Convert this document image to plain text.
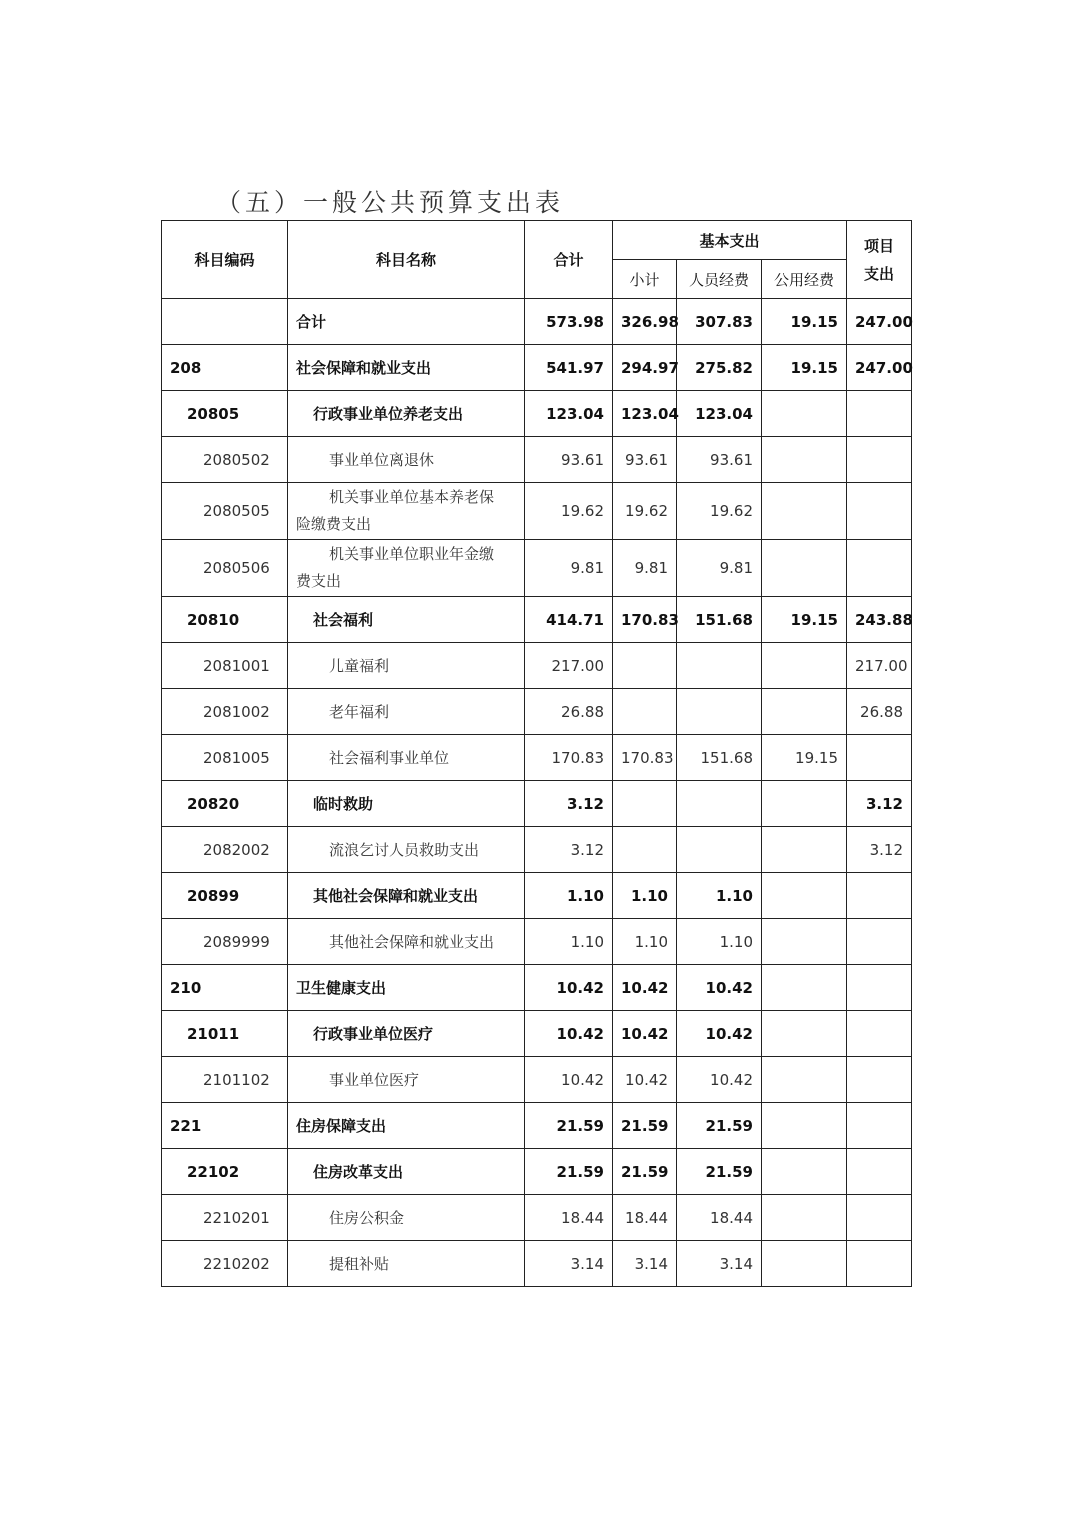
（五）一般公共预算支出表
科目编码	科目名称	合计	基本支出			项目
支出

			小计	人员经费	公用经费	
	合计	573.98	326.98	307.83	19.15	247.00
208	社会保障和就业支出	541.97	294.97	275.82	19.15	247.00
20805	行政事业单位养老支出	123.04	123.04	123.04		
2080502	事业单位离退休	93.61	93.61	93.61		
2080505	机关事业单位基本养老保
险缴费支出	19.62	19.62	19.62		
2080506	机关事业单位职业年金缴
费支出	9.81	9.81	9.81		
20810	社会福利	414.71	170.83	151.68	19.15	243.88
2081001	儿童福利	217.00				217.00
2081002	老年福利	26.88				26.88
2081005	社会福利事业单位	170.83	170.83	151.68	19.15	
20820	临时救助	3.12				3.12
2082002	流浪乞讨人员救助支出	3.12				3.12
20899	其他社会保障和就业支出	1.10	1.10	1.10		
2089999	其他社会保障和就业支出	1.10	1.10	1.10		
210	卫生健康支出	10.42	10.42	10.42		
21011	行政事业单位医疗	10.42	10.42	10.42		
2101102	事业单位医疗	10.42	10.42	10.42		
221	住房保障支出	21.59	21.59	21.59		
22102	住房改革支出	21.59	21.59	21.59		
2210201	住房公积金	18.44	18.44	18.44		
2210202	提租补贴	3.14	3.14	3.14		
